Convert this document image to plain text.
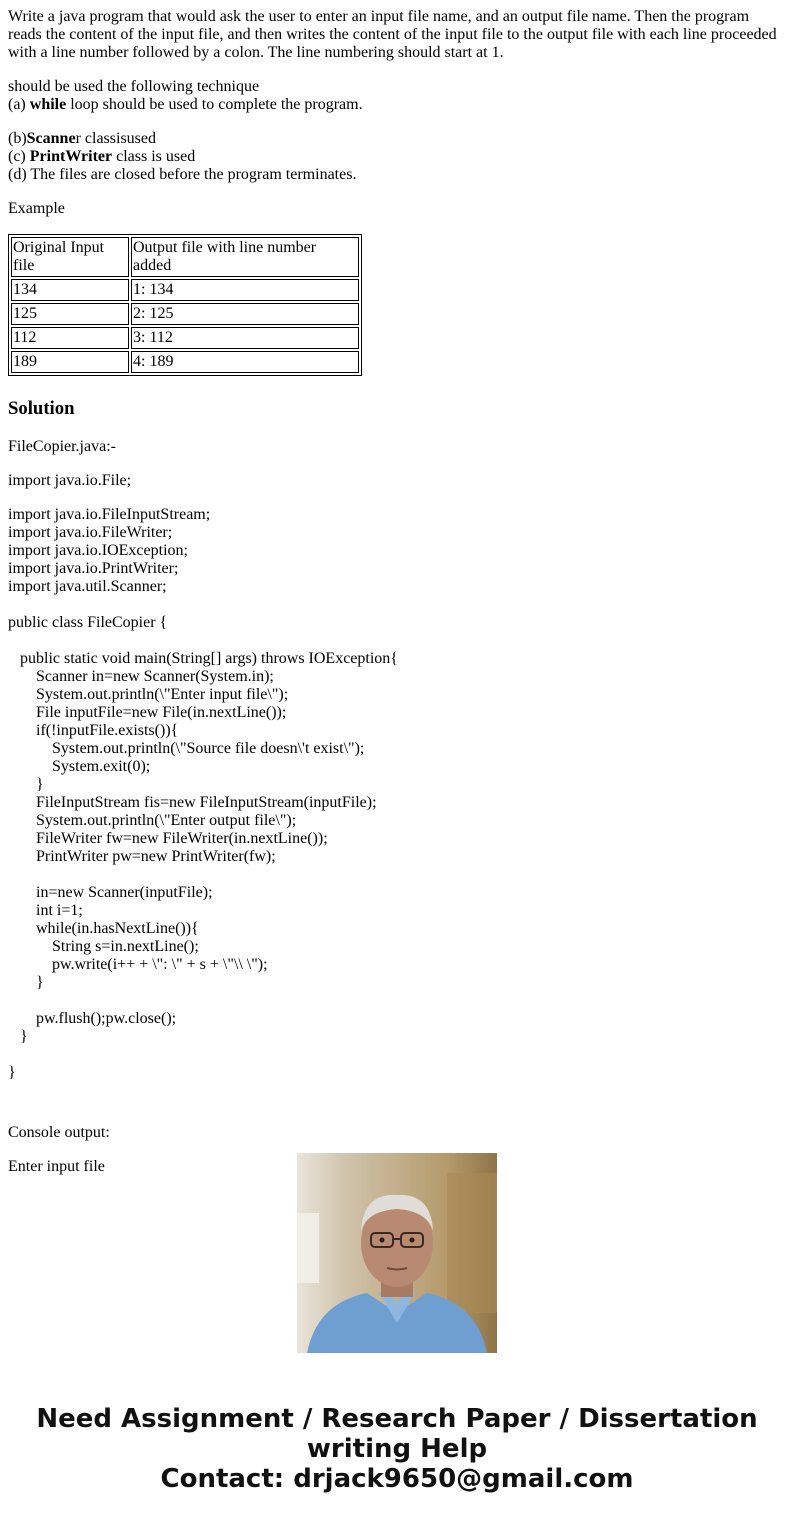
Write a java program that would ask the user to enter an input file name, and an output file name. Then the program reads the content of the input file, and then writes the content of the input file to the output file with each line proceeded with a line number followed by a colon. The line numbering should start at 1.

should be used the following technique
(a) while loop should be used to complete the program.
(b)Scanner classisused
(c) PrintWriter class is used
(d) The files are closed before the program terminates.

Example

Original Input file	Output file with line number added
134	1: 134
125	2: 125
112	3: 112
189	4: 189
Solution

FileCopier.java:-

import java.io.File;

import java.io.FileInputStream;
import java.io.FileWriter;
import java.io.IOException;
import java.io.PrintWriter;
import java.util.Scanner;

public class FileCopier {

public static void main(String[] args) throws IOException{
Scanner in=new Scanner(System.in);
System.out.println(\"Enter input file\");
File inputFile=new File(in.nextLine());
if(!inputFile.exists()){
System.out.println(\"Source file doesn\'t exist\");
System.exit(0);
}
FileInputStream fis=new FileInputStream(inputFile);
System.out.println(\"Enter output file\");
FileWriter fw=new FileWriter(in.nextLine());
PrintWriter pw=new PrintWriter(fw);

in=new Scanner(inputFile);
int i=1;
while(in.hasNextLine()){
String s=in.nextLine();
pw.write(i++ + \": \" + s + \"\\ \");
}

pw.flush();pw.close();
}

}

Console output:

Enter input file
Need Assignment / Research Paper / Dissertation
writing Help
Contact: drjack9650@gmail.com
